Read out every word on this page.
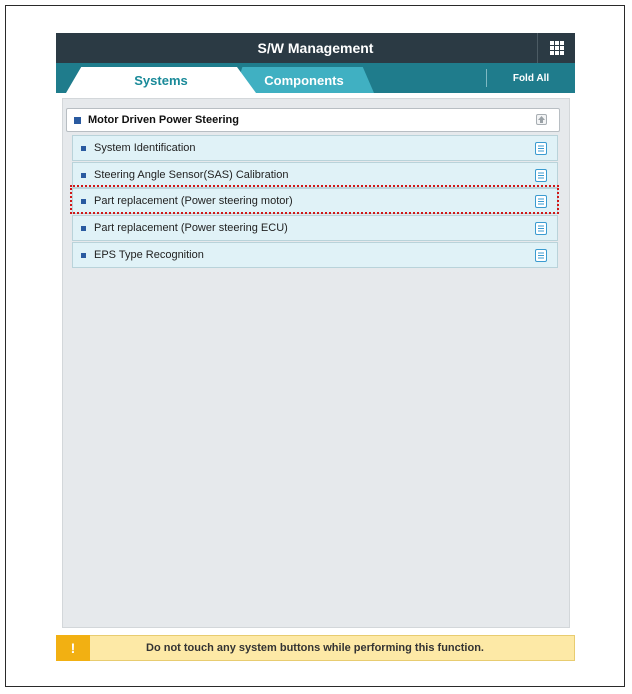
S/W Management
Components
Systems	Fold All
Motor Driven Power Steering
System Identification
Steering Angle Sensor(SAS) Calibration
Part replacement (Power steering motor)
Part replacement (Power steering ECU)
EPS Type Recognition
!	Do not touch any system buttons while performing this function.
